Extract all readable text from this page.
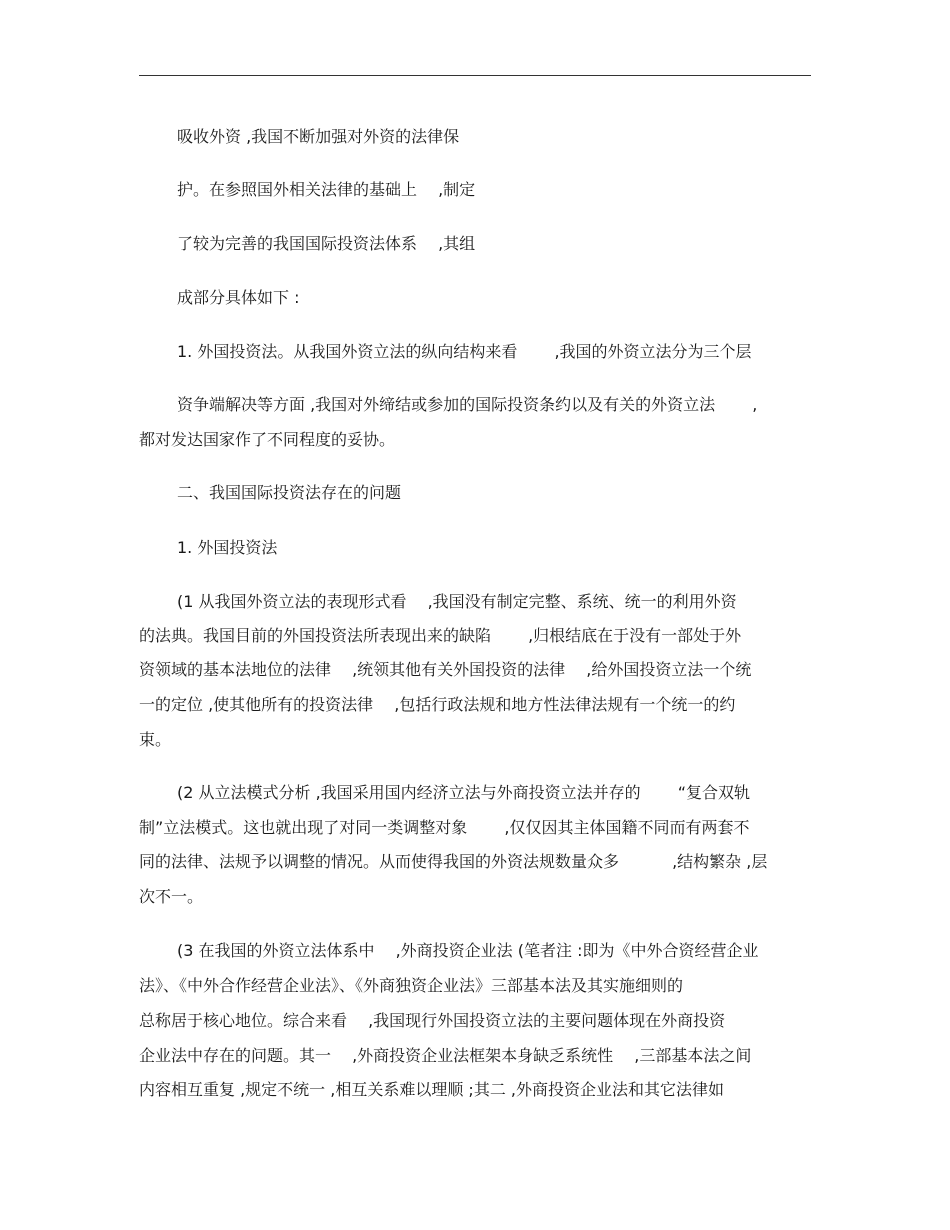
吸收外资 ,我国不断加强对外资的法律保
护。在参照国外相关法律的基础上　 ,制定
了较为完善的我国国际投资法体系　 ,其组
成部分具体如下 :
1. 外国投资法。从我国外资立法的纵向结构来看　　 ,我国的外资立法分为三个层
资争端解决等方面 ,我国对外缔结或参加的国际投资条约以及有关的外资立法　　 ,
都对发达国家作了不同程度的妥协。
二、我国国际投资法存在的问题
1. 外国投资法
(1 从我国外资立法的表现形式看　 ,我国没有制定完整、系统、统一的利用外资
的法典。我国目前的外国投资法所表现出来的缺陷　　 ,归根结底在于没有一部处于外
资领域的基本法地位的法律　 ,统领其他有关外国投资的法律　 ,给外国投资立法一个统
一的定位 ,使其他所有的投资法律　 ,包括行政法规和地方性法律法规有一个统一的约
束。
(2 从立法模式分析 ,我国采用国内经济立法与外商投资立法并存的　　 “复合双轨
制”立法模式。这也就出现了对同一类调整对象　　 ,仅仅因其主体国籍不同而有两套不
同的法律、法规予以调整的情况。从而使得我国的外资法规数量众多　　　 ,结构繁杂 ,层
次不一。
(3 在我国的外资立法体系中　 ,外商投资企业法 (笔者注 :即为《中外合资经营企业
法》、《中外合作经营企业法》、《外商独资企业法》三部基本法及其实施细则的
总称居于核心地位。综合来看　 ,我国现行外国投资立法的主要问题体现在外商投资
企业法中存在的问题。其一　 ,外商投资企业法框架本身缺乏系统性　 ,三部基本法之间
内容相互重复 ,规定不统一 ,相互关系难以理顺 ;其二 ,外商投资企业法和其它法律如
